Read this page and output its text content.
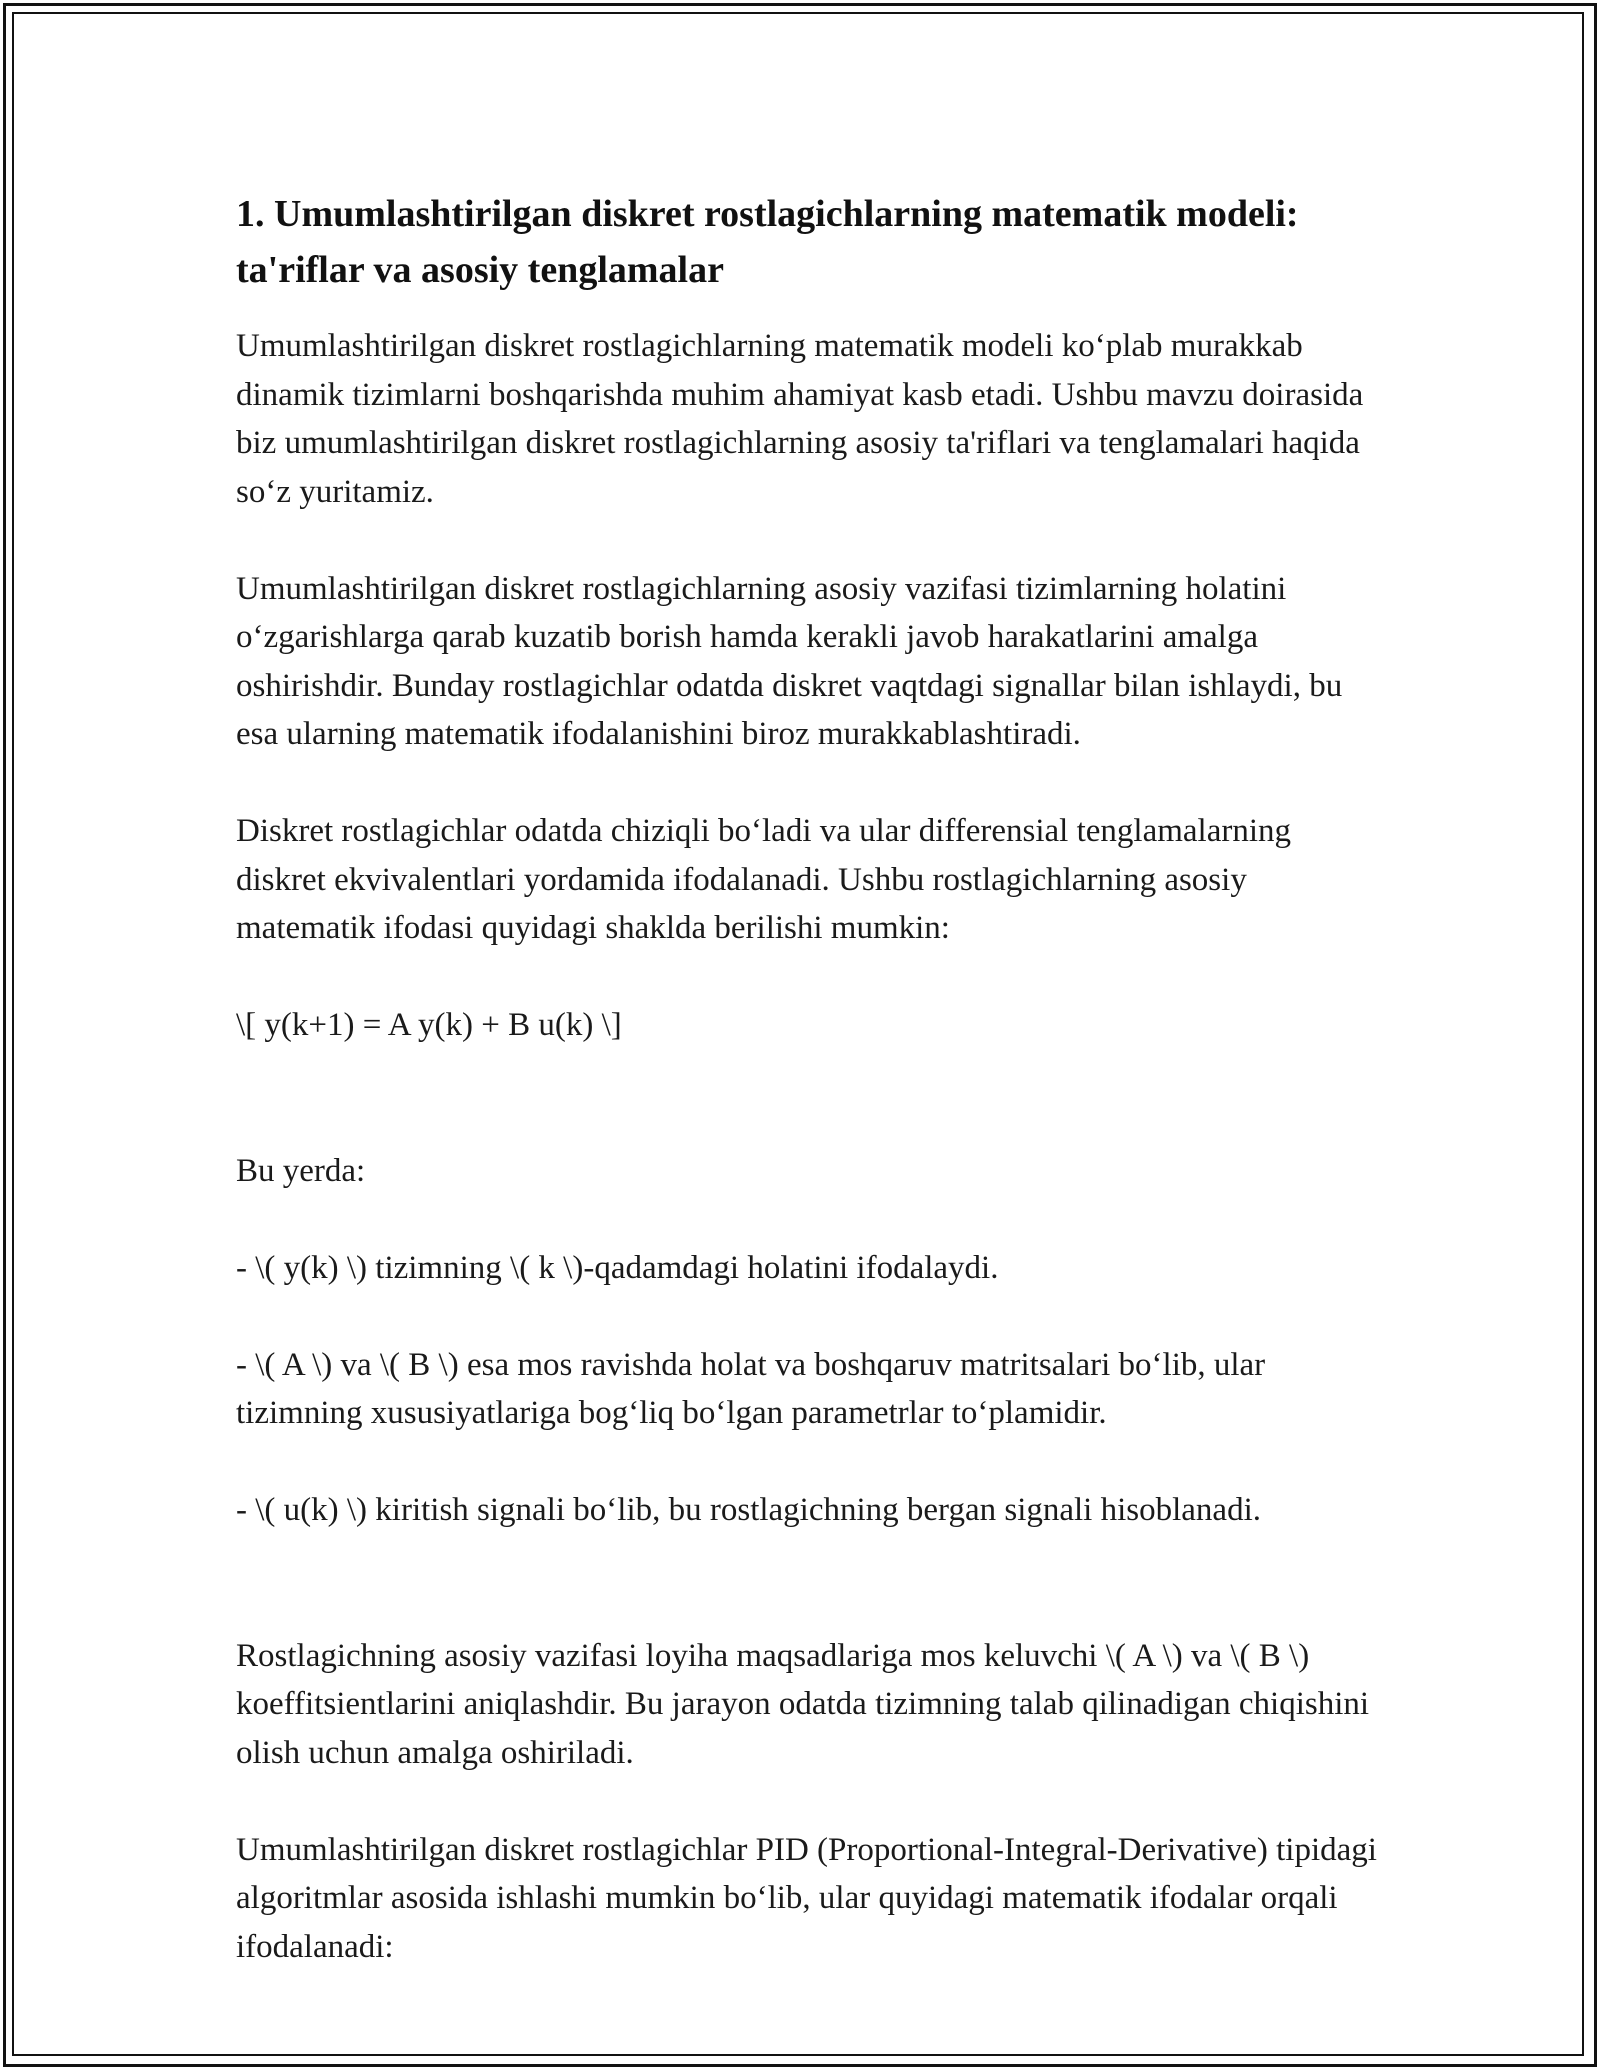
1. Umumlashtirilgan diskret rostlagichlarning matematik modeli: ta'riflar va asosiy tenglamalar

Umumlashtirilgan diskret rostlagichlarning matematik modeli ko‘plab murakkab dinamik tizimlarni boshqarishda muhim ahamiyat kasb etadi. Ushbu mavzu doirasida biz umumlashtirilgan diskret rostlagichlarning asosiy ta'riflari va tenglamalari haqida so‘z yuritamiz.

Umumlashtirilgan diskret rostlagichlarning asosiy vazifasi tizimlarning holatini o‘zgarishlarga qarab kuzatib borish hamda kerakli javob harakatlarini amalga oshirishdir. Bunday rostlagichlar odatda diskret vaqtdagi signallar bilan ishlaydi, bu esa ularning matematik ifodalanishini biroz murakkablashtiradi.

Diskret rostlagichlar odatda chiziqli bo‘ladi va ular differensial tenglamalarning diskret ekvivalentlari yordamida ifodalanadi. Ushbu rostlagichlarning asosiy matematik ifodasi quyidagi shaklda berilishi mumkin:

\[ y(k+1) = A y(k) + B u(k) \]

Bu yerda:

- \( y(k) \) tizimning \( k \)-qadamdagi holatini ifodalaydi.

- \( A \) va \( B \) esa mos ravishda holat va boshqaruv matritsalari bo‘lib, ular tizimning xususiyatlariga bog‘liq bo‘lgan parametrlar to‘plamidir.

- \( u(k) \) kiritish signali bo‘lib, bu rostlagichning bergan signali hisoblanadi.

Rostlagichning asosiy vazifasi loyiha maqsadlariga mos keluvchi \( A \) va \( B \) koeffitsientlarini aniqlashdir. Bu jarayon odatda tizimning talab qilinadigan chiqishini olish uchun amalga oshiriladi.

Umumlashtirilgan diskret rostlagichlar PID (Proportional-Integral-Derivative) tipidagi algoritmlar asosida ishlashi mumkin bo‘lib, ular quyidagi matematik ifodalar orqali ifodalanadi:
